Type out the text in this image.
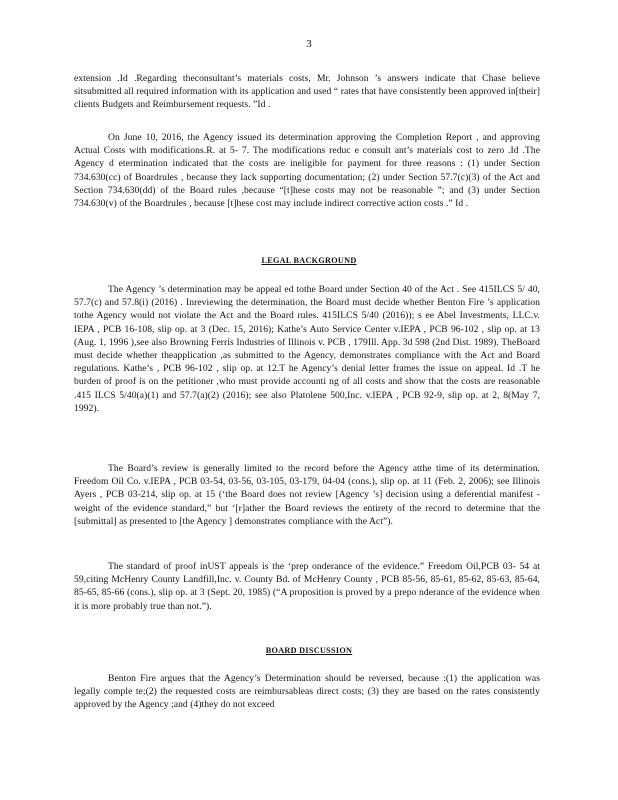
3
extension .Id .Regarding theconsultant’s materials costs, Mr. Johnson ’s answers indicate that Chase believe sitsubmitted all required information with its application and used “ rates that have consistently been approved in[their] clients Budgets and Reimbursement requests. ”Id .
On June 10, 2016, the Agency issued its determination approving the Completion Report , and approving Actual Costs with modifications.R. at 5- 7. The modifications reduc e consult ant’s materials cost to zero .Id .The Agency d etermination indicated that the costs are ineligible for payment for three reasons : (1) under Section 734.630(cc) of Boardrules , because they lack supporting documentation; (2) under Section 57.7(c)(3) of the Act and Section 734.630(dd) of the Board rules ,because “[t]hese costs may not be reasonable ”; and (3) under Section 734.630(v) of the Boardrules , because [t]hese cost may include indirect corrective action costs .” Id .
LEGAL BACKGROUND
The Agency ’s determination may be appeal ed tothe Board under Section 40 of the Act . See 415ILCS 5/ 40, 57.7(c) and 57.8(i) (2016) . Inreviewing the determination, the Board must decide whether Benton Fire ’s application tothe Agency would not violate the Act and the Board rules. 415ILCS 5/40 (2016)); s ee Abel Investments, LLC.v. IEPA , PCB 16-108, slip op. at 3 (Dec. 15, 2016); Kathe’s Auto Service Center v.IEPA , PCB 96-102 , slip op. at 13 (Aug. 1, 1996 ),see also Browning Ferris Industries of Illinois v. PCB , 179Ill. App. 3d 598 (2nd Dist. 1989). TheBoard must decide whether theapplication ,as submitted to the Agency, demonstrates compliance with the Act and Board regulations. Kathe’s , PCB 96-102 , slip op. at 12.T he Agency’s denial letter frames the issue on appeal. Id .T he burden of proof is on the petitioner ,who must provide accounti ng of all costs and show that the costs are reasonable .415 ILCS 5/40(a)(1) and 57.7(a)(2) (2016); see also Platolene 500,Inc. v.IEPA , PCB 92-9, slip op. at 2, 8(May 7, 1992).
The Board’s review is generally limited to the record before the Agency atthe time of its determination. Freedom Oil Co. v.IEPA , PCB 03-54, 03-56, 03-105, 03-179, 04-04 (cons.), slip op. at 11 (Feb. 2, 2006); see Illinois Ayers , PCB 03-214, slip op. at 15 (‘the Board does not review [Agency ’s] decision using a deferential manifest -weight of the evidence standard,” but ‘[r]ather the Board reviews the entirety of the record to determine that the [submittal] as presented to [the Agency ] demonstrates compliance with the Act”).
The standard of proof inUST appeals is the ‘prep onderance of the evidence.” Freedom Oil,PCB 03- 54 at 59,citing McHenry County Landfill,Inc. v. County Bd. of McHenry County , PCB 85-56, 85-61, 85-62, 85-63, 85-64, 85-65, 85-66 (cons.), slip op. at 3 (Sept. 20, 1985) (“A proposition is proved by a prepo nderance of the evidence when it is more probably true than not.”).
BOARD DISCUSSION
Benton Fire argues that the Agency’s Determination should be reversed, because :(1) the application was legally comple te;(2) the requested costs are reimbursableas direct costs; (3) they are based on the rates consistently approved by the Agency ;and (4)they do not exceed
